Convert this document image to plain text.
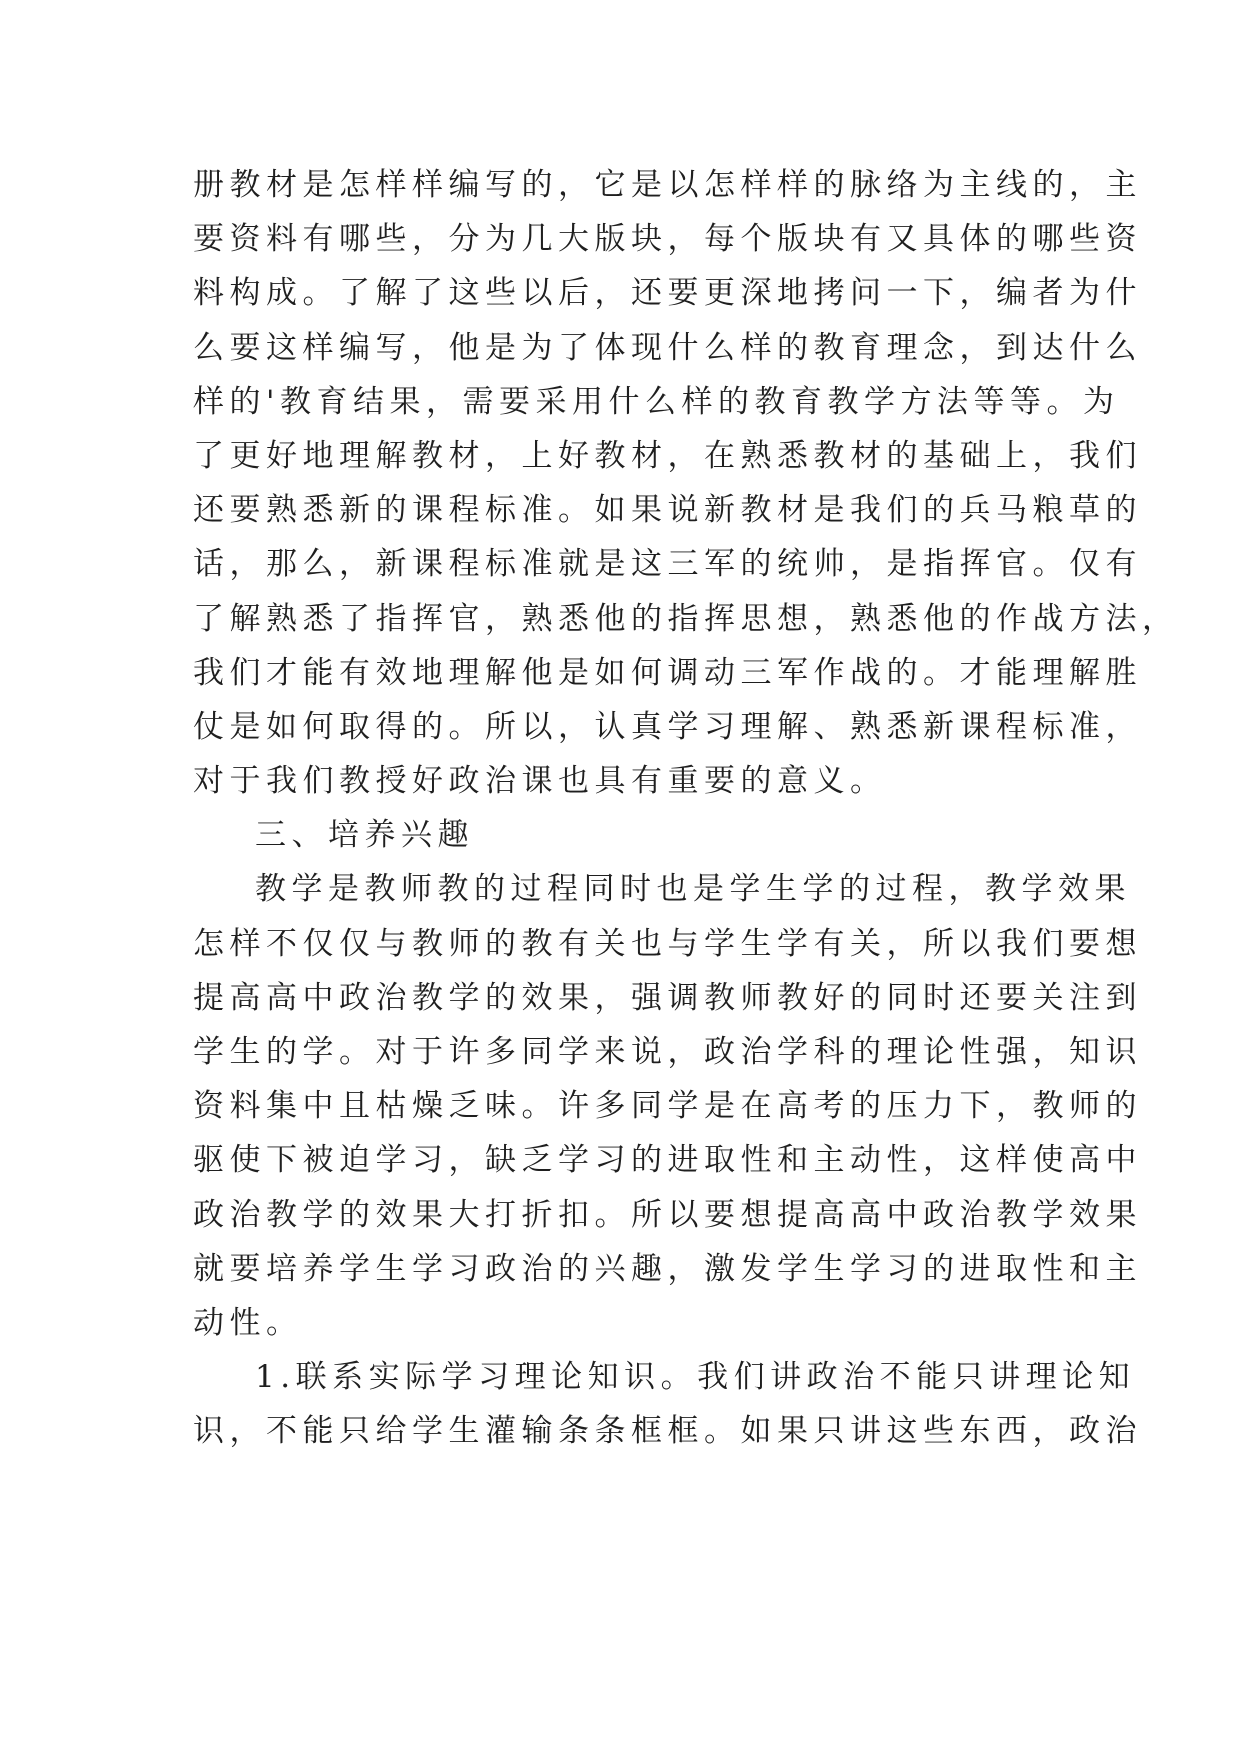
册教材是怎样样编写的，它是以怎样样的脉络为主线的，主
要资料有哪些，分为几大版块，每个版块有又具体的哪些资
料构成。了解了这些以后，还要更深地拷问一下，编者为什
么要这样编写，他是为了体现什么样的教育理念，到达什么
样的'教育结果，需要采用什么样的教育教学方法等等。为
了更好地理解教材，上好教材，在熟悉教材的基础上，我们
还要熟悉新的课程标准。如果说新教材是我们的兵马粮草的
话，那么，新课程标准就是这三军的统帅，是指挥官。仅有
了解熟悉了指挥官，熟悉他的指挥思想，熟悉他的作战方法，
我们才能有效地理解他是如何调动三军作战的。才能理解胜
仗是如何取得的。所以，认真学习理解、熟悉新课程标准，
对于我们教授好政治课也具有重要的意义。
三、培养兴趣
教学是教师教的过程同时也是学生学的过程，教学效果
怎样不仅仅与教师的教有关也与学生学有关，所以我们要想
提高高中政治教学的效果，强调教师教好的同时还要关注到
学生的学。对于许多同学来说，政治学科的理论性强，知识
资料集中且枯燥乏味。许多同学是在高考的压力下，教师的
驱使下被迫学习，缺乏学习的进取性和主动性，这样使高中
政治教学的效果大打折扣。所以要想提高高中政治教学效果
就要培养学生学习政治的兴趣，激发学生学习的进取性和主
动性。
1.联系实际学习理论知识。我们讲政治不能只讲理论知
识，不能只给学生灌输条条框框。如果只讲这些东西，政治
